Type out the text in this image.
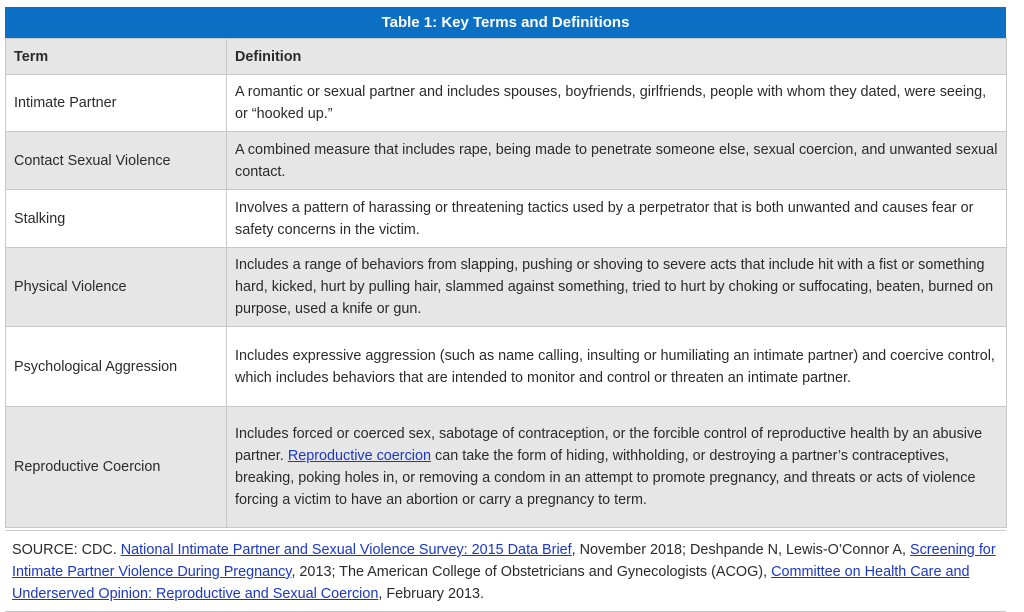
Table 1: Key Terms and Definitions
Term	Definition
Intimate Partner	A romantic or sexual partner and includes spouses, boyfriends, girlfriends, people with whom they dated, were seeing, or “hooked up.”
Contact Sexual Violence	A combined measure that includes rape, being made to penetrate someone else, sexual coercion, and unwanted sexual contact.
Stalking	Involves a pattern of harassing or threatening tactics used by a perpetrator that is both unwanted and causes fear or safety concerns in the victim.
Physical Violence	Includes a range of behaviors from slapping, pushing or shoving to severe acts that include hit with a fist or something hard, kicked, hurt by pulling hair, slammed against something, tried to hurt by choking or suffocating, beaten, burned on purpose, used a knife or gun.
Psychological Aggression	Includes expressive aggression (such as name calling, insulting or humiliating an intimate partner) and coercive control, which includes behaviors that are intended to monitor and control or threaten an intimate partner.
Reproductive Coercion	Includes forced or coerced sex, sabotage of contraception, or the forcible control of reproductive health by an abusive partner. Reproductive coercion can take the form of hiding, withholding, or destroying a partner’s contraceptives, breaking, poking holes in, or removing a condom in an attempt to promote pregnancy, and threats or acts of violence forcing a victim to have an abortion or carry a pregnancy to term.
SOURCE: CDC. National Intimate Partner and Sexual Violence Survey: 2015 Data Brief, November 2018; Deshpande N, Lewis-O’Connor A, Screening for Intimate Partner Violence During Pregnancy, 2013; The American College of Obstetricians and Gynecologists (ACOG), Committee on Health Care and Underserved Opinion: Reproductive and Sexual Coercion, February 2013.
